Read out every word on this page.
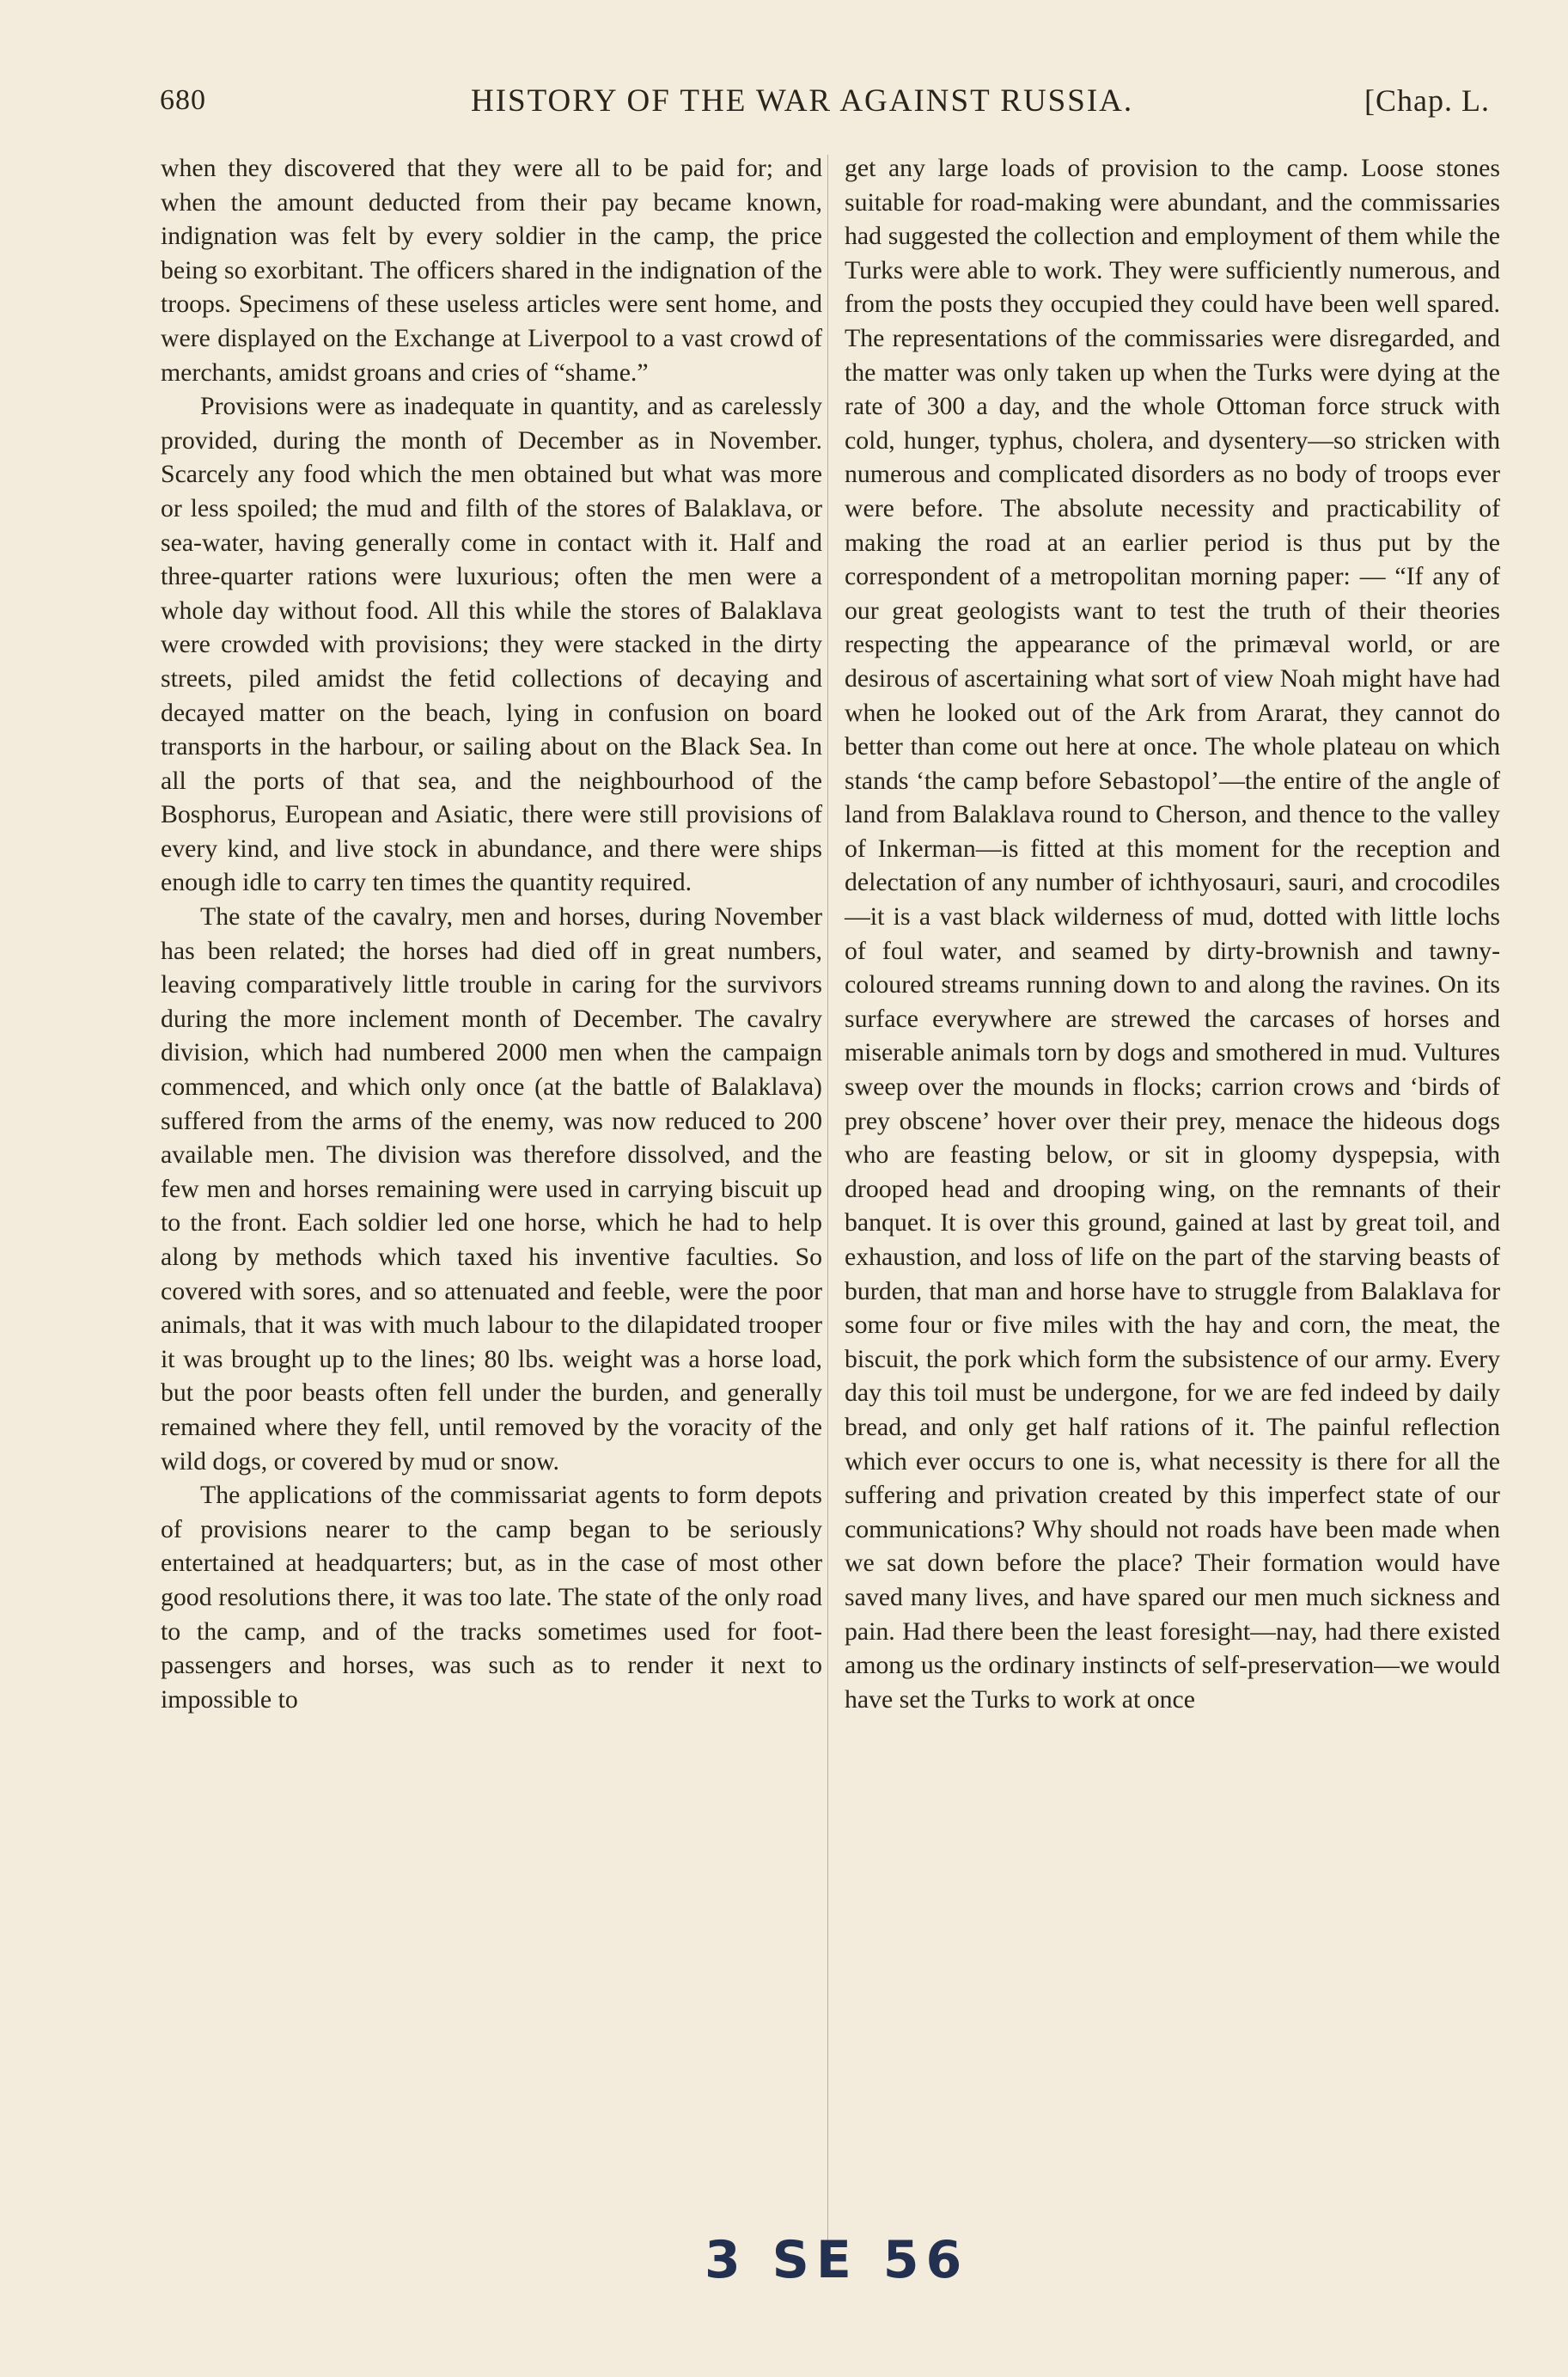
680	HISTORY OF THE WAR AGAINST RUSSIA.	[Chap. L.

when they discovered that they were all to be paid for; and when the amount deducted from their pay became known, indignation was felt by every soldier in the camp, the price being so exorbitant. The officers shared in the indignation of the troops. Specimens of these useless articles were sent home, and were displayed on the Exchange at Liverpool to a vast crowd of merchants, amidst groans and cries of “shame.”

Provisions were as inadequate in quantity, and as carelessly provided, during the month of December as in November. Scarcely any food which the men obtained but what was more or less spoiled; the mud and filth of the stores of Balaklava, or sea-water, having generally come in contact with it. Half and three-quarter rations were luxurious; often the men were a whole day without food. All this while the stores of Balaklava were crowded with provisions; they were stacked in the dirty streets, piled amidst the fetid collections of decaying and decayed matter on the beach, lying in confusion on board transports in the harbour, or sailing about on the Black Sea. In all the ports of that sea, and the neighbourhood of the Bosphorus, European and Asiatic, there were still provisions of every kind, and live stock in abundance, and there were ships enough idle to carry ten times the quantity required.

The state of the cavalry, men and horses, during November has been related; the horses had died off in great numbers, leaving comparatively little trouble in caring for the survivors during the more inclement month of December. The cavalry division, which had numbered 2000 men when the campaign commenced, and which only once (at the battle of Balaklava) suffered from the arms of the enemy, was now reduced to 200 available men. The division was therefore dissolved, and the few men and horses remaining were used in carrying biscuit up to the front. Each soldier led one horse, which he had to help along by methods which taxed his inventive faculties. So covered with sores, and so attenuated and feeble, were the poor animals, that it was with much labour to the dilapidated trooper it was brought up to the lines; 80 lbs. weight was a horse load, but the poor beasts often fell under the burden, and generally remained where they fell, until removed by the voracity of the wild dogs, or covered by mud or snow.

The applications of the commissariat agents to form depots of provisions nearer to the camp began to be seriously entertained at headquarters; but, as in the case of most other good resolutions there, it was too late. The state of the only road to the camp, and of the tracks sometimes used for foot-passengers and horses, was such as to render it next to impossible to

get any large loads of provision to the camp. Loose stones suitable for road-making were abundant, and the commissaries had suggested the collection and employment of them while the Turks were able to work. They were sufficiently numerous, and from the posts they occupied they could have been well spared. The representations of the commissaries were disregarded, and the matter was only taken up when the Turks were dying at the rate of 300 a day, and the whole Ottoman force struck with cold, hunger, typhus, cholera, and dysentery—so stricken with numerous and complicated disorders as no body of troops ever were before. The absolute necessity and practicability of making the road at an earlier period is thus put by the correspondent of a metropolitan morning paper: — “If any of our great geologists want to test the truth of their theories respecting the appearance of the primæval world, or are desirous of ascertaining what sort of view Noah might have had when he looked out of the Ark from Ararat, they cannot do better than come out here at once. The whole plateau on which stands ‘the camp before Sebastopol’—the entire of the angle of land from Balaklava round to Cherson, and thence to the valley of Inkerman—is fitted at this moment for the reception and delectation of any number of ichthyosauri, sauri, and crocodiles—it is a vast black wilderness of mud, dotted with little lochs of foul water, and seamed by dirty-brownish and tawny-coloured streams running down to and along the ravines. On its surface everywhere are strewed the carcases of horses and miserable animals torn by dogs and smothered in mud. Vultures sweep over the mounds in flocks; carrion crows and ‘birds of prey obscene’ hover over their prey, menace the hideous dogs who are feasting below, or sit in gloomy dyspepsia, with drooped head and drooping wing, on the remnants of their banquet. It is over this ground, gained at last by great toil, and exhaustion, and loss of life on the part of the starving beasts of burden, that man and horse have to struggle from Balaklava for some four or five miles with the hay and corn, the meat, the biscuit, the pork which form the subsistence of our army. Every day this toil must be undergone, for we are fed indeed by daily bread, and only get half rations of it. The painful reflection which ever occurs to one is, what necessity is there for all the suffering and privation created by this imperfect state of our communications? Why should not roads have been made when we sat down before the place? Their formation would have saved many lives, and have spared our men much sickness and pain. Had there been the least foresight—nay, had there existed among us the ordinary instincts of self-preservation—we would have set the Turks to work at once

3 SE 56
